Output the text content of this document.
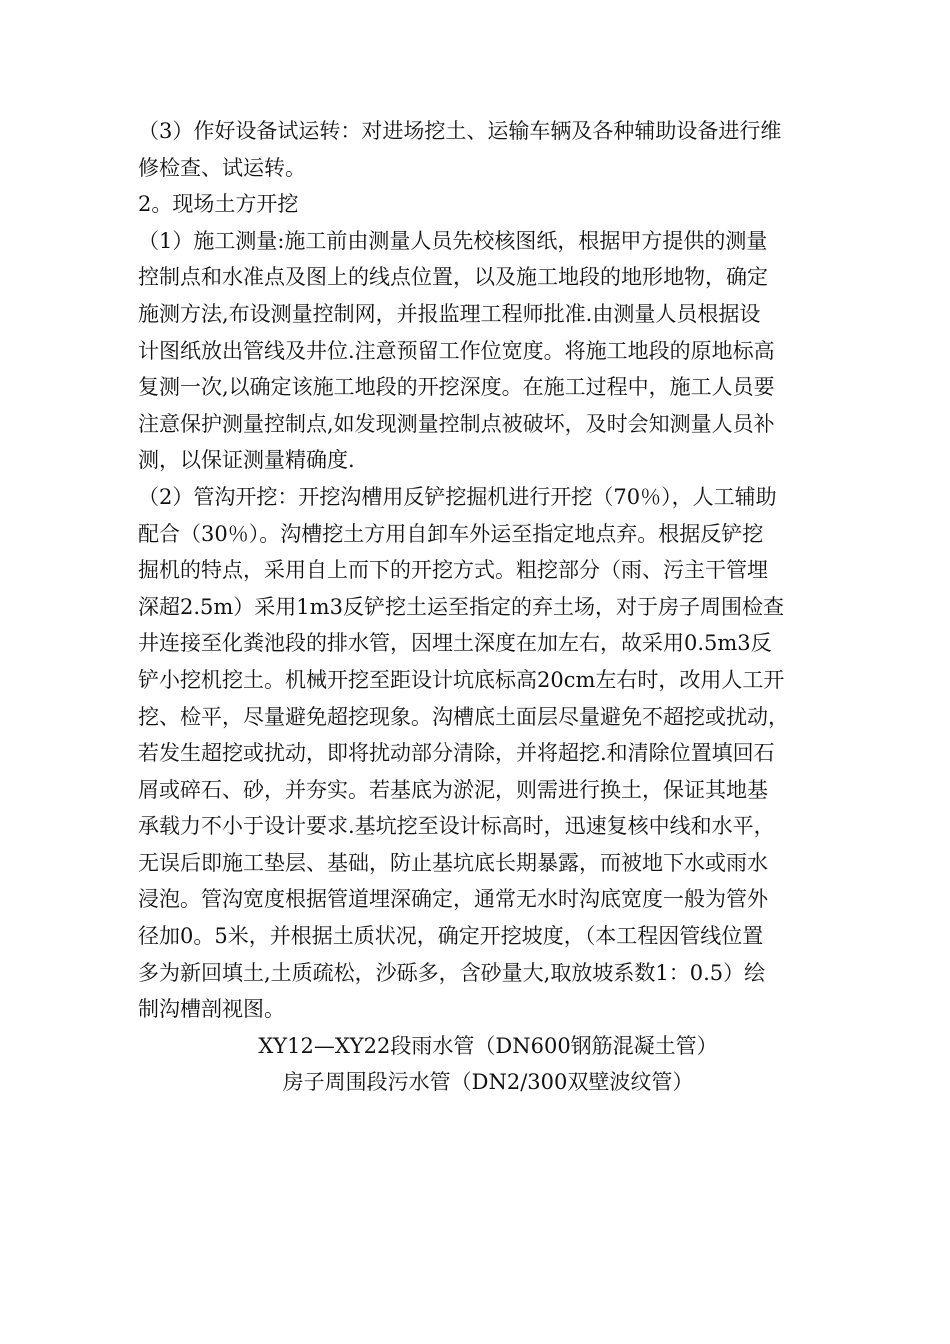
（3）作好设备试运转：对进场挖土、运输车辆及各种辅助设备进行维
修检查、试运转。
2。现场土方开挖
（1）施工测量:施工前由测量人员先校核图纸，根据甲方提供的测量
控制点和水准点及图上的线点位置，以及施工地段的地形地物，确定
施测方法,布设测量控制网，并报监理工程师批准.由测量人员根据设
计图纸放出管线及井位.注意预留工作位宽度。将施工地段的原地标高
复测一次,以确定该施工地段的开挖深度。在施工过程中，施工人员要
注意保护测量控制点,如发现测量控制点被破坏，及时会知测量人员补
测，以保证测量精确度.
（2）管沟开挖：开挖沟槽用反铲挖掘机进行开挖（70％），人工辅助
配合（30％）。沟槽挖土方用自卸车外运至指定地点弃。根据反铲挖
掘机的特点，采用自上而下的开挖方式。粗挖部分（雨、污主干管埋
深超2.5m）采用1m3反铲挖土运至指定的弃土场，对于房子周围检查
井连接至化粪池段的排水管，因埋土深度在加左右，故采用0.5m3反
铲小挖机挖土。机械开挖至距设计坑底标高20cm左右时，改用人工开
挖、检平，尽量避免超挖现象。沟槽底土面层尽量避免不超挖或扰动，
若发生超挖或扰动，即将扰动部分清除，并将超挖.和清除位置填回石
屑或碎石、砂，并夯实。若基底为淤泥，则需进行换土，保证其地基
承载力不小于设计要求.基坑挖至设计标高时，迅速复核中线和水平，
无误后即施工垫层、基础，防止基坑底长期暴露，而被地下水或雨水
浸泡。管沟宽度根据管道埋深确定，通常无水时沟底宽度一般为管外
径加0。5米，并根据土质状况，确定开挖坡度，（本工程因管线位置
多为新回填土,土质疏松，沙砾多，含砂量大,取放坡系数1：0.5）绘
制沟槽剖视图。
XY12—XY22段雨水管（DN600钢筋混凝土管）
房子周围段污水管（DN2/300双壁波纹管）
